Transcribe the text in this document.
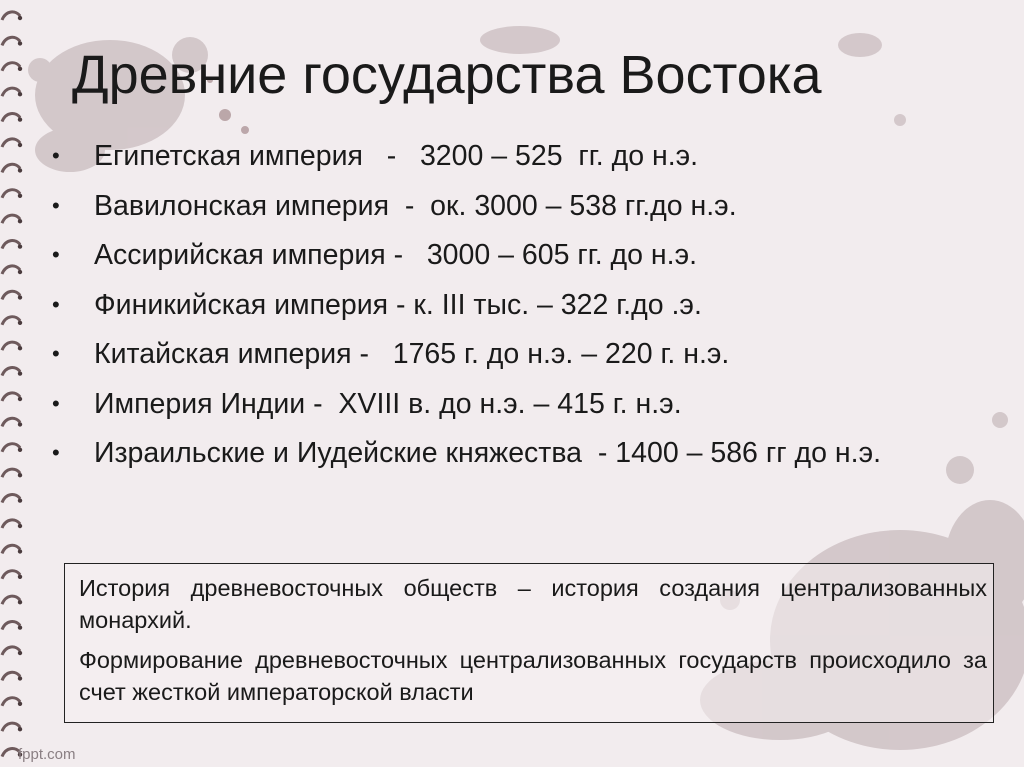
Древние государства Востока
•	Египетская империя   -   3200 – 525  гг. до н.э.
•	Вавилонская империя  -  ок. 3000 – 538 гг.до н.э.
•	Ассирийская империя -   3000 – 605 гг. до н.э.
•	Финикийская империя - к. III тыс. – 322 г.до .э.
•	Китайская империя -   1765 г. до н.э. – 220 г. н.э.
•	Империя Индии -  XVIII в. до н.э. – 415 г. н.э.
•	Израильские и Иудейские княжества  - 1400 – 586 гг до н.э.

История древневосточных обществ – история создания централизованных монархий.

Формирование древневосточных централизованных государств происходило за счет жесткой императорской власти

fppt.com
